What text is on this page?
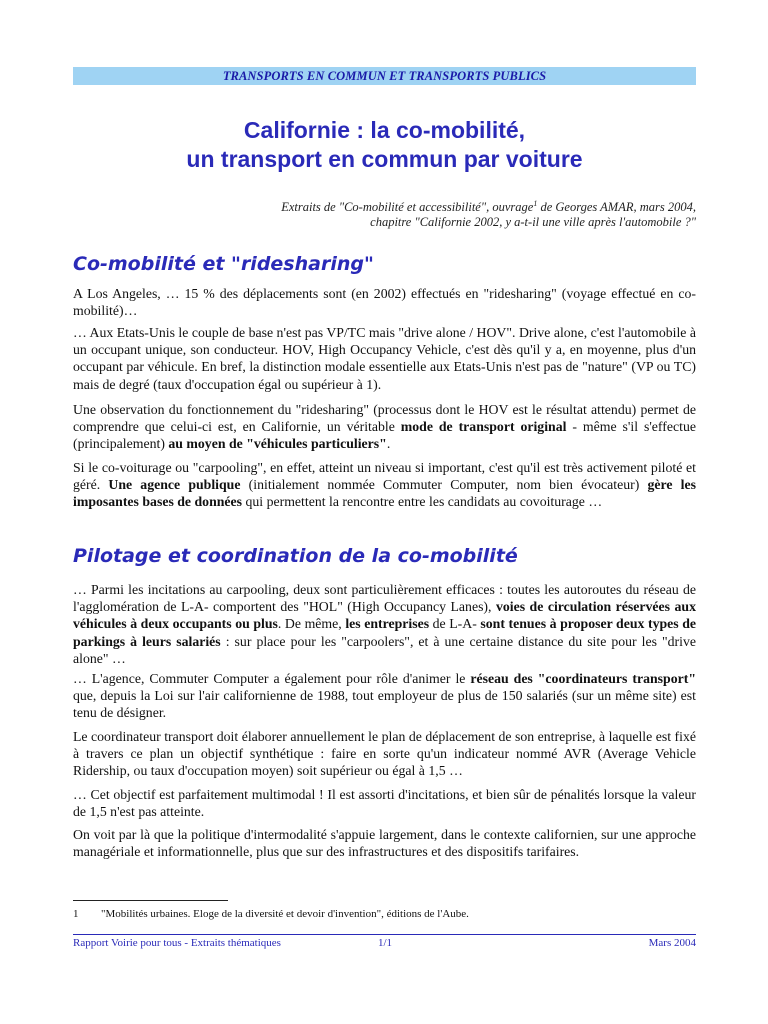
TRANSPORTS EN COMMUN ET TRANSPORTS PUBLICS
Californie : la co-mobilité,
un transport en commun par voiture
Extraits de "Co-mobilité et accessibilité", ouvrage$^1$ de Georges AMAR, mars 2004,
chapitre "Californie 2002, y a-t-il une ville après l'automobile ?"
Co-mobilité et "ridesharing"
A Los Angeles, … 15 % des déplacements sont (en 2002) effectués en "ridesharing" (voyage effectué en co-mobilité)…
… Aux Etats-Unis le couple de base n'est pas VP/TC mais "drive alone / HOV". Drive alone, c'est l'automobile à un occupant unique, son conducteur. HOV, High Occupancy Vehicle, c'est dès qu'il y a, en moyenne, plus d'un occupant par véhicule. En bref, la distinction modale essentielle aux Etats-Unis n'est pas de "nature" (VP ou TC) mais de degré (taux d'occupation égal ou supérieur à 1).
Une observation du fonctionnement du "ridesharing" (processus dont le HOV est le résultat attendu) permet de comprendre que celui-ci est, en Californie, un véritable mode de transport original - même s'il s'effectue (principalement) au moyen de "véhicules particuliers".
Si le co-voiturage ou "carpooling", en effet, atteint un niveau si important, c'est qu'il est très activement piloté et géré. Une agence publique (initialement nommée Commuter Computer, nom bien évocateur) gère les imposantes bases de données qui permettent la rencontre entre les candidats au covoiturage …
Pilotage et coordination de la co-mobilité
… Parmi les incitations au carpooling, deux sont particulièrement efficaces : toutes les autoroutes du réseau de l'agglomération de L-A- comportent des "HOL" (High Occupancy Lanes), voies de circulation réservées aux véhicules à deux occupants ou plus. De même, les entreprises de L-A- sont tenues à proposer deux types de parkings à leurs salariés : sur place pour les "carpoolers", et à une certaine distance du site pour les "drive alone" …
… L'agence, Commuter Computer a également pour rôle d'animer le réseau des "coordinateurs transport" que, depuis la Loi sur l'air californienne de 1988, tout employeur de plus de 150 salariés (sur un même site) est tenu de désigner.
Le coordinateur transport doit élaborer annuellement le plan de déplacement de son entreprise, à laquelle est fixé à travers ce plan un objectif synthétique : faire en sorte qu'un indicateur nommé AVR (Average Vehicle Ridership, ou taux d'occupation moyen) soit supérieur ou égal à 1,5 …
… Cet objectif est parfaitement multimodal ! Il est assorti d'incitations, et bien sûr de pénalités lorsque la valeur de 1,5 n'est pas atteinte.
On voit par là que la politique d'intermodalité s'appuie largement, dans le contexte californien, sur une approche managériale et informationnelle, plus que sur des infrastructures et des dispositifs tarifaires.
1 "Mobilités urbaines. Eloge de la diversité et devoir d'invention", éditions de l'Aube.
Rapport Voirie pour tous - Extraits thématiques	1/1	Mars 2004
